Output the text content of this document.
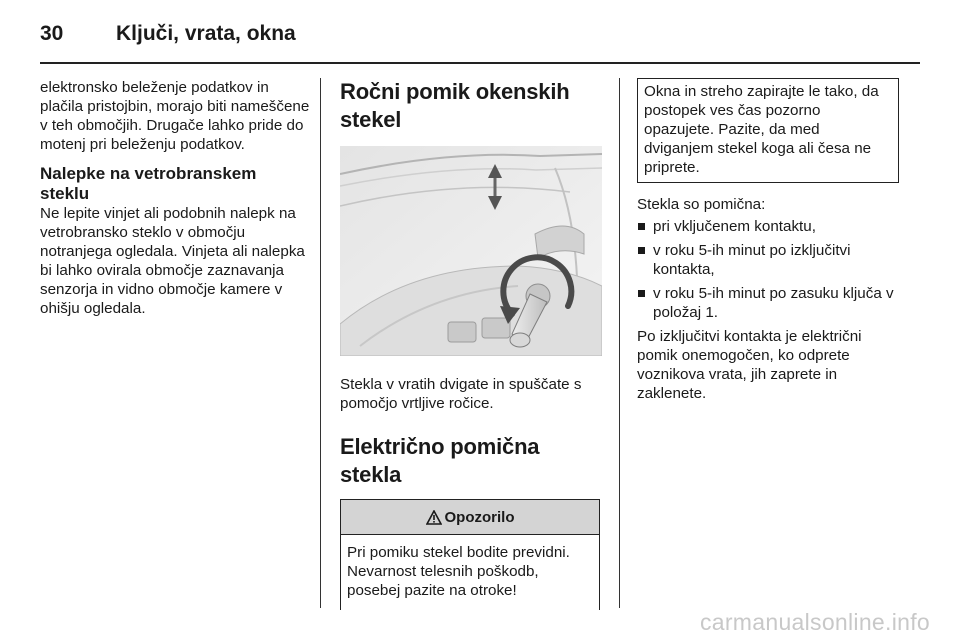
30	Ključi, vrata, okna

elektronsko beleženje podatkov in plačila pristojbin, morajo biti nameščene v teh območjih. Drugače lahko pride do motenj pri beleženju podatkov.

Nalepke na vetrobranskem steklu

Ne lepite vinjet ali podobnih nalepk na vetrobransko steklo v območju notranjega ogledala. Vinjeta ali nalepka bi lahko ovirala območje zaznavanja senzorja in vidno območje kamere v ohišju ogledala.

Ročni pomik okenskih stekel

Stekla v vratih dvigate in spuščate s pomočjo vrtljive ročice.

Električno pomična stekla
Opozorilo

Pri pomiku stekel bodite previdni. Nevarnost telesnih poškodb, posebej pazite na otroke!

Okna in streho zapirajte le tako, da postopek ves čas pozorno opazujete. Pazite, da med dviganjem stekel koga ali česa ne priprete.

Stekla so pomična:

pri vključenem kontaktu,
v roku 5-ih minut po izključitvi kontakta,
v roku 5-ih minut po zasuku ključa v položaj 1.

Po izključitvi kontakta je električni pomik onemogočen, ko odprete voznikova vrata, jih zaprete in zaklenete.

carmanualsonline.info
